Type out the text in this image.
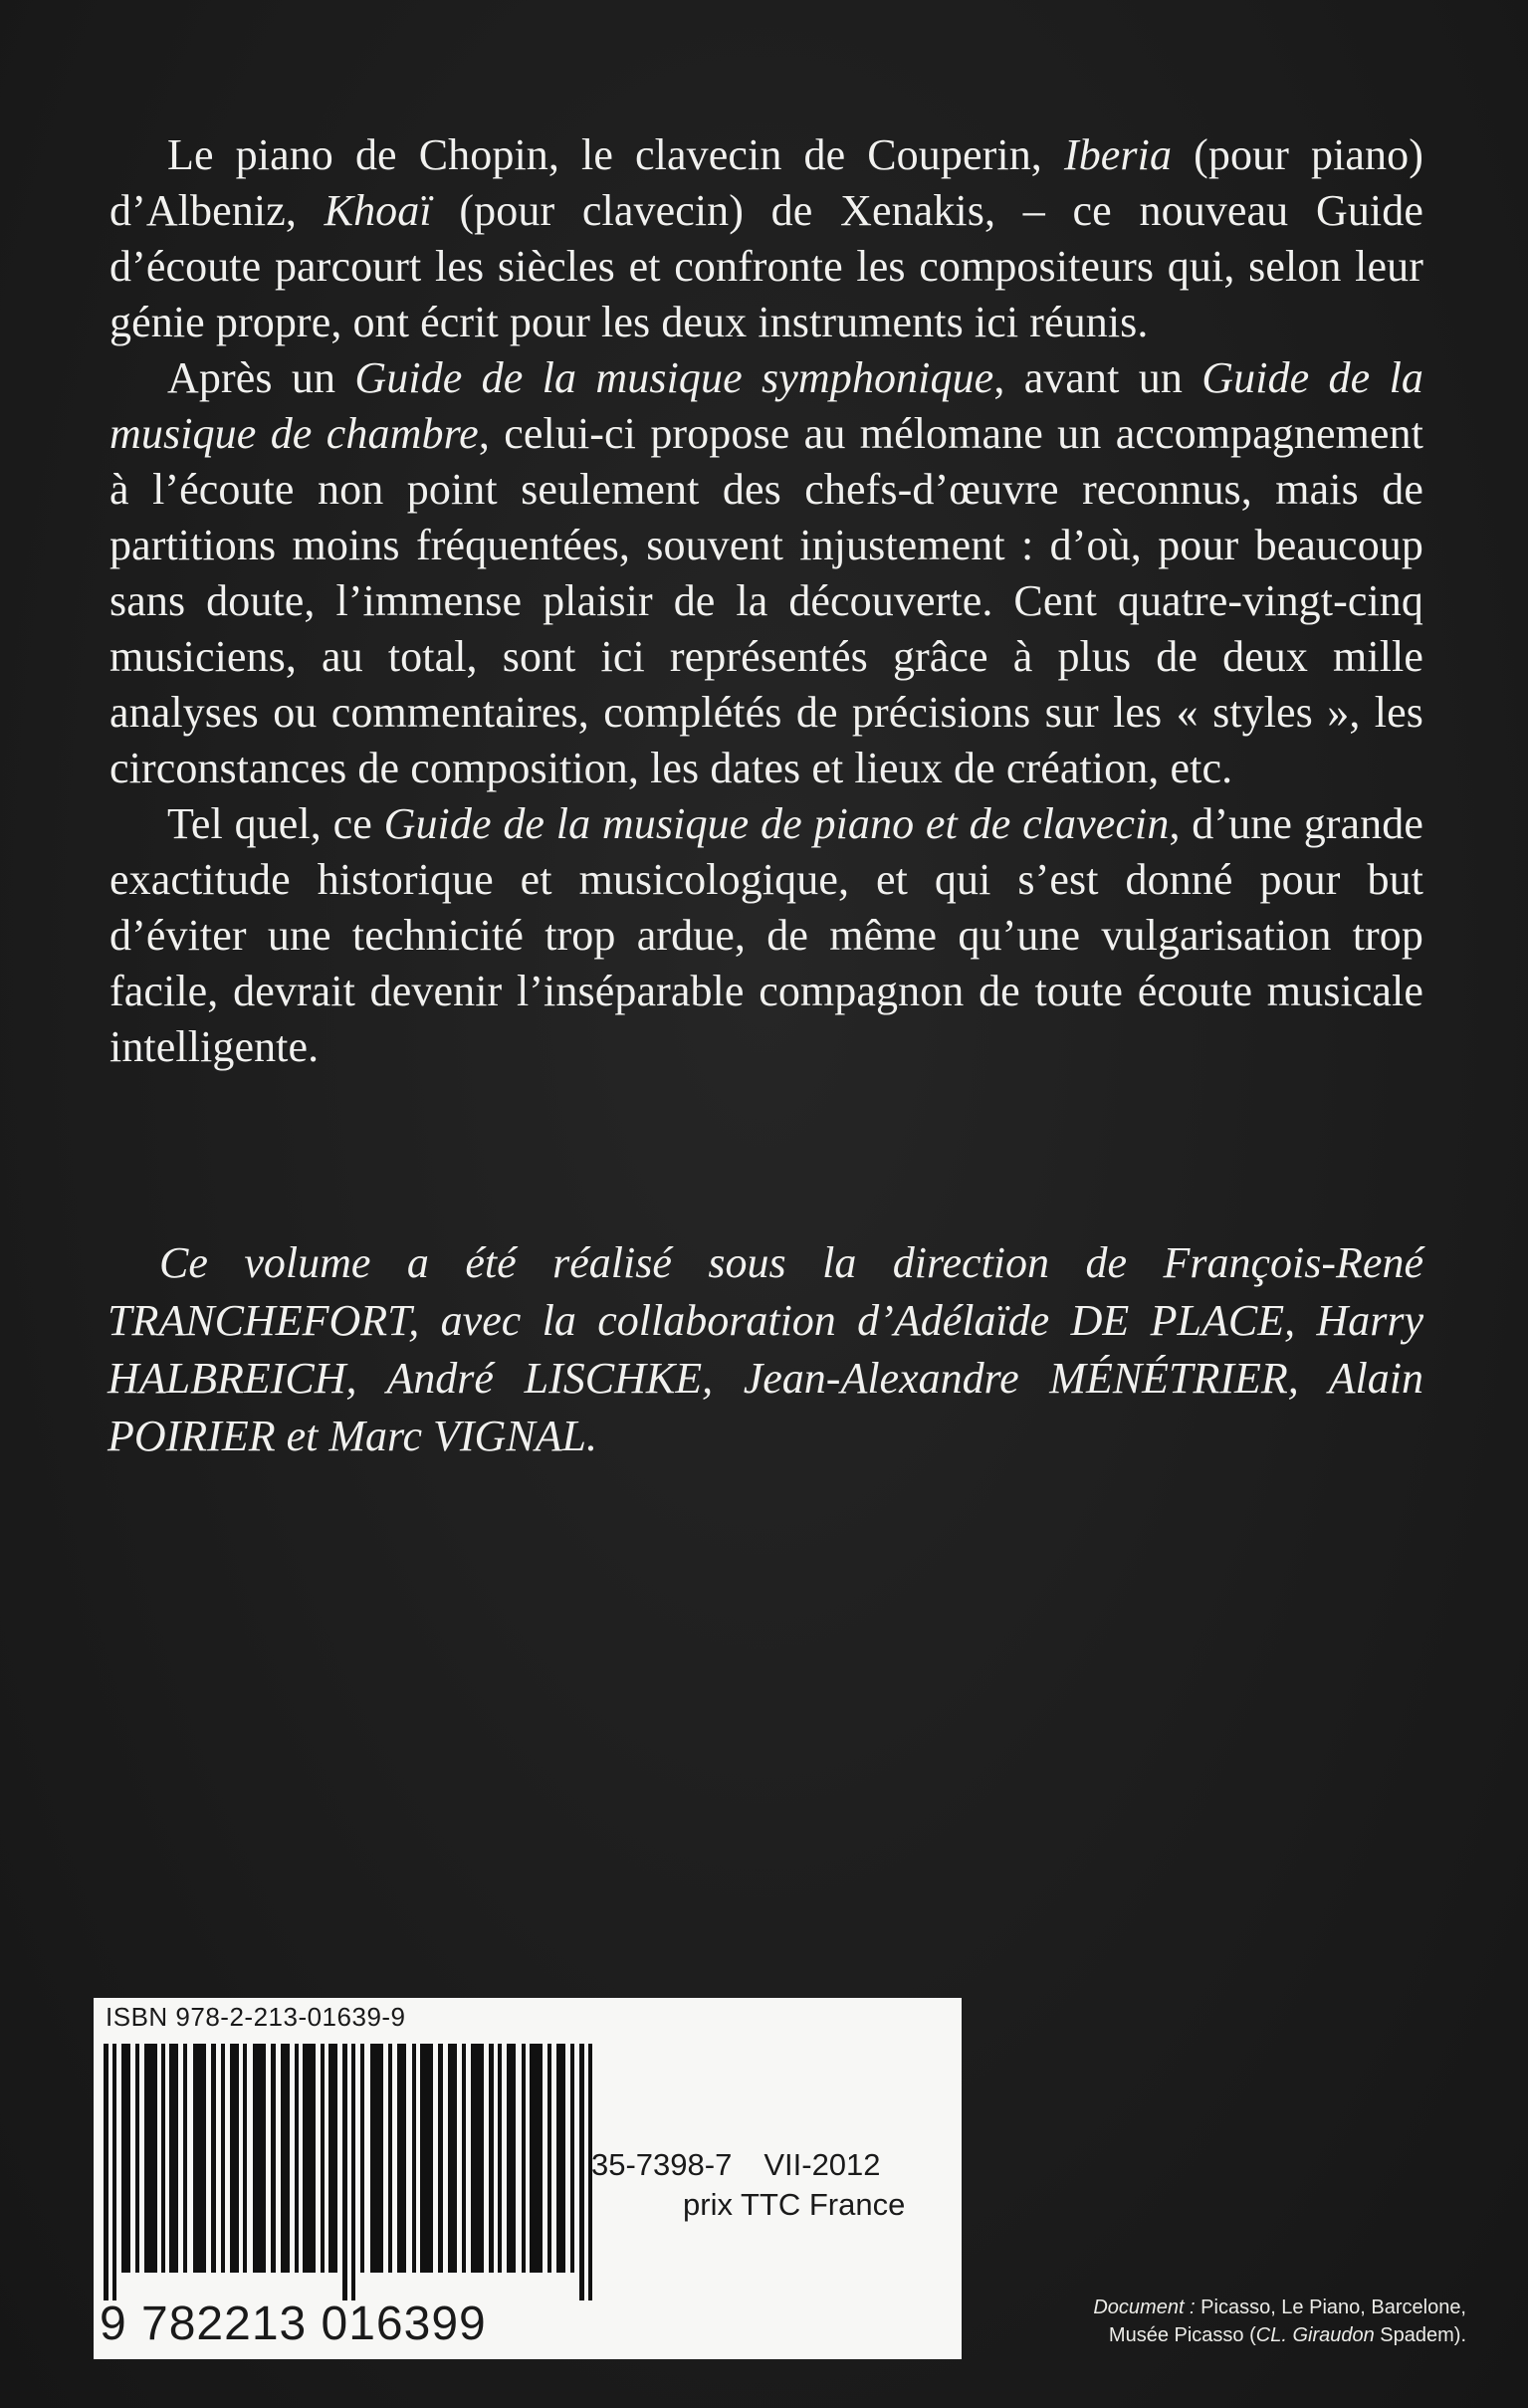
Le piano de Chopin, le clavecin de Couperin, Iberia (pour piano) d’Albeniz, Khoaï (pour clavecin) de Xenakis, – ce nouveau Guide d’écoute parcourt les siècles et confronte les compositeurs qui, selon leur génie propre, ont écrit pour les deux instruments ici réunis.

Après un Guide de la musique symphonique, avant un Guide de la musique de chambre, celui-ci propose au mélomane un accompagnement à l’écoute non point seulement des chefs-d’œuvre reconnus, mais de partitions moins fréquentées, souvent injustement : d’où, pour beaucoup sans doute, l’immense plaisir de la découverte. Cent quatre-vingt-cinq musiciens, au total, sont ici représentés grâce à plus de deux mille analyses ou commentaires, complétés de précisions sur les « styles », les circonstances de composition, les dates et lieux de création, etc.

Tel quel, ce Guide de la musique de piano et de clavecin, d’une grande exactitude historique et musicologique, et qui s’est donné pour but d’éviter une technicité trop ardue, de même qu’une vulgarisation trop facile, devrait devenir l’inséparable compagnon de toute écoute musicale intelligente.

Ce volume a été réalisé sous la direction de François-René TRANCHEFORT, avec la collaboration d’Adélaïde DE PLACE, Harry HALBREICH, André LISCHKE, Jean-Alexandre MÉNÉTRIER, Alain POIRIER et Marc VIGNAL.

ISBN 978-2-213-01639-9
9 782213 016399
35-7398-7 VII-2012
prix TTC France
Document : Picasso, Le Piano, Barcelone,
Musée Picasso (CL. Giraudon Spadem).
